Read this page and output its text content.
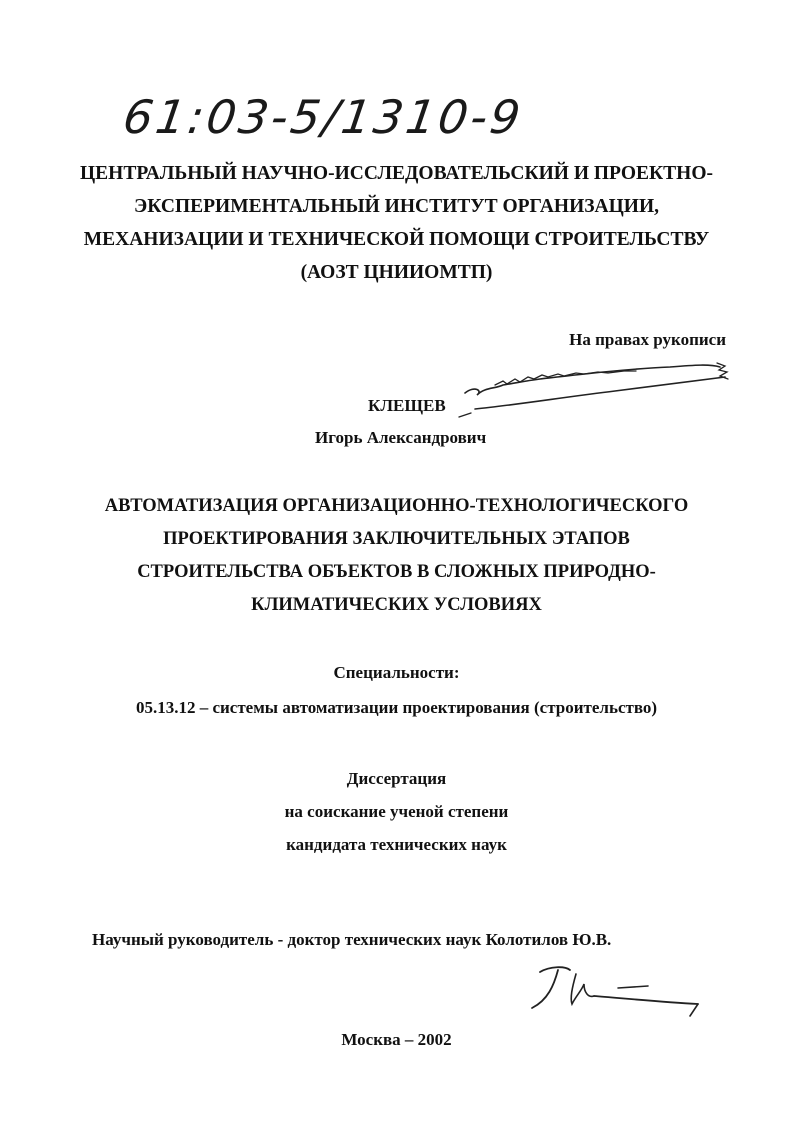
61:03-5/1310-9
ЦЕНТРАЛЬНЫЙ НАУЧНО-ИССЛЕДОВАТЕЛЬСКИЙ И ПРОЕКТНО-
ЭКСПЕРИМЕНТАЛЬНЫЙ ИНСТИТУТ ОРГАНИЗАЦИИ,
МЕХАНИЗАЦИИ И ТЕХНИЧЕСКОЙ ПОМОЩИ СТРОИТЕЛЬСТВУ
(АОЗТ ЦНИИОМТП)
На правах рукописи
КЛЕЩЕВ
Игорь Александрович
АВТОМАТИЗАЦИЯ ОРГАНИЗАЦИОННО-ТЕХНОЛОГИЧЕСКОГО
ПРОЕКТИРОВАНИЯ ЗАКЛЮЧИТЕЛЬНЫХ ЭТАПОВ
СТРОИТЕЛЬСТВА ОБЪЕКТОВ В СЛОЖНЫХ ПРИРОДНО-
КЛИМАТИЧЕСКИХ УСЛОВИЯХ
Специальности:
05.13.12 – системы автоматизации проектирования (строительство)
Диссертация
на соискание ученой степени
кандидата технических наук
Научный руководитель - доктор технических наук Колотилов Ю.В.
Москва – 2002
